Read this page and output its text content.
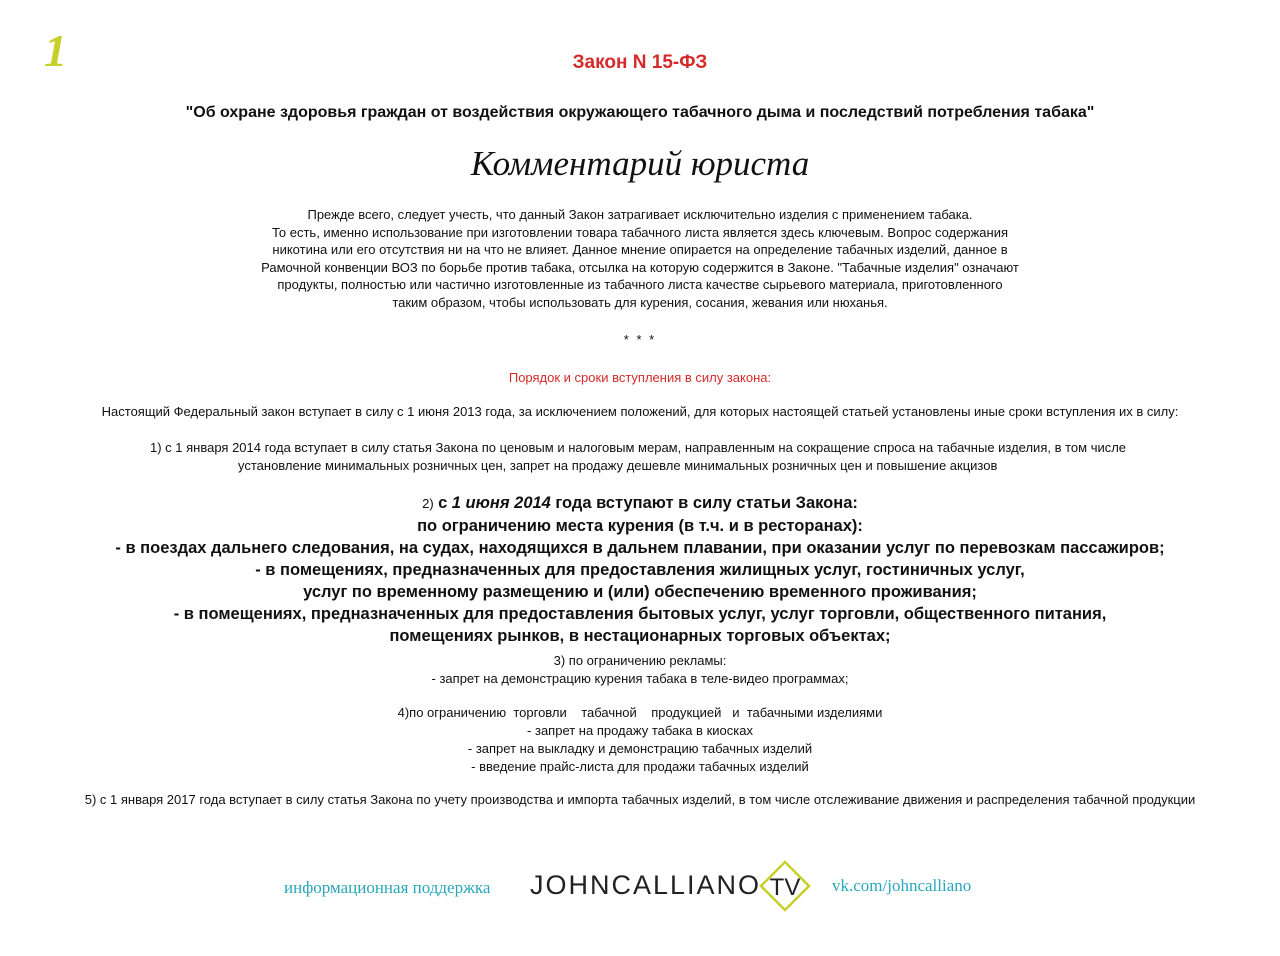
1	Закон N 15-ФЗ
"Об охране здоровья граждан от воздействия окружающего табачного дыма и последствий потребления табака"
Комментарий юриста
Прежде всего, следует учесть, что данный Закон затрагивает исключительно изделия с применением табака.
То есть, именно использование при изготовлении товара табачного листа является здесь ключевым. Вопрос содержания
никотина или его отсутствия ни на что не влияет. Данное мнение опирается на определение табачных изделий, данное в
Рамочной конвенции ВОЗ по борьбе против табака, отсылка на которую содержится в Законе. "Табачные изделия" означают
продукты, полностью или частично изготовленные из табачного листа качестве сырьевого материала, приготовленного
таким образом, чтобы использовать для курения, сосания, жевания или нюханья.
* * *
Порядок и сроки вступления в силу закона:
Настоящий Федеральный закон вступает в силу с 1 июня 2013 года, за исключением положений, для которых настоящей статьей установлены иные сроки вступления их в силу:
1) с 1 января 2014 года вступает в силу статья Закона по ценовым и налоговым мерам, направленным на сокращение спроса на табачные изделия, в том числе
установление минимальных розничных цен, запрет на продажу дешевле минимальных розничных цен и повышение акцизов
2) с 1 июня 2014 года вступают в силу статьи Закона:
по ограничению места курения (в т.ч. и в ресторанах):
- в поездах дальнего следования, на судах, находящихся в дальнем плавании, при оказании услуг по перевозкам пассажиров;
- в помещениях, предназначенных для предоставления жилищных услуг, гостиничных услуг,
услуг по временному размещению и (или) обеспечению временного проживания;
- в помещениях, предназначенных для предоставления бытовых услуг, услуг торговли, общественного питания,
помещениях рынков, в нестационарных торговых объектах;
3) по ограничению рекламы:
- запрет на демонстрацию курения табака в теле-видео программах;
4)по ограничению  торговли    табачной    продукцией   и  табачными изделиями
- запрет на продажу табака в киосках
- запрет на выкладку и демонстрацию табачных изделий
- введение прайс-листа для продажи табачных изделий
5) с 1 января 2017 года вступает в силу статья Закона по учету производства и импорта табачных изделий, в том числе отслеживание движения и распределения табачной продукции
информационная поддержка JOHNCALLIANO TV vk.com/johncalliano
